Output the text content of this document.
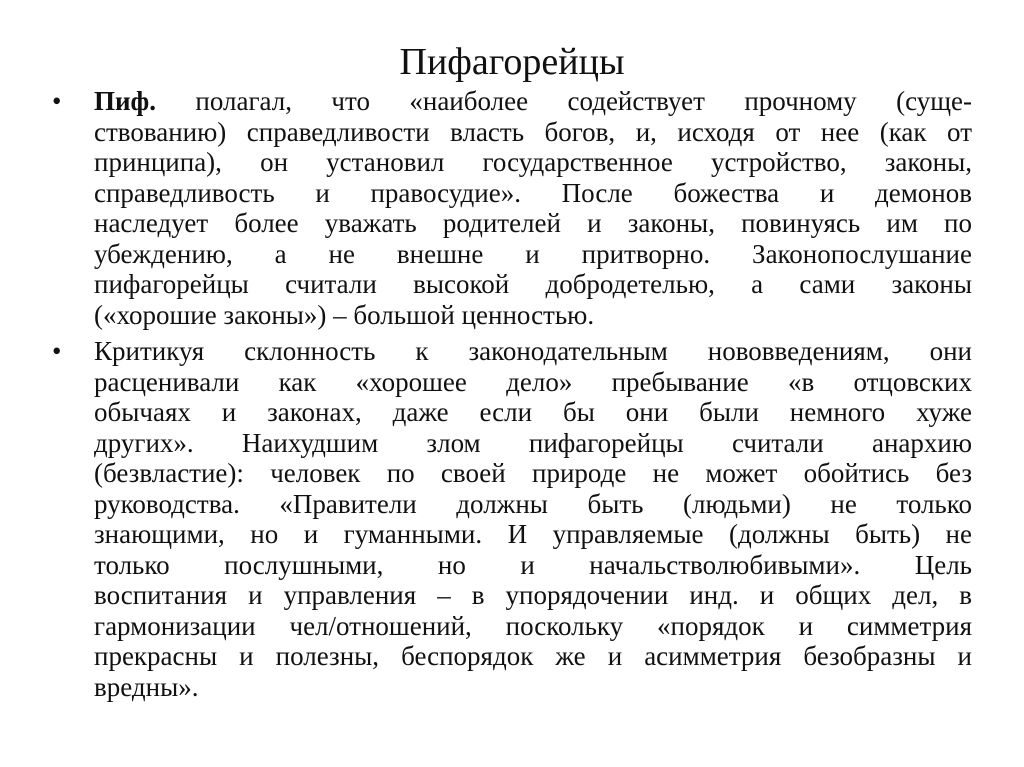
Пифагорейцы
• Пиф. полагал, что «наиболее содействует прочному (суще-
ствованию) справедливости власть богов, и, исходя от нее (как от
принципа), он установил государственное устройство, законы,
справедливость и правосудие». После божества и демонов
наследует более уважать родителей и законы, повинуясь им по
убеждению, а не внешне и притворно. Законопослушание
пифагорейцы считали высокой добродетелью, а сами законы
(«хорошие законы») – большой ценностью.
• Критикуя склонность к законодательным нововведениям, они
расценивали как «хорошее дело» пребывание «в отцовских
обычаях и законах, даже если бы они были немного хуже
других». Наихудшим злом пифагорейцы считали анархию
(безвластие): человек по своей природе не может обойтись без
руководства. «Правители должны быть (людьми) не только
знающими, но и гуманными. И управляемые (должны быть) не
только послушными, но и начальстволюбивыми». Цель
воспитания и управления – в упорядочении инд. и общих дел, в
гармонизации чел/отношений, поскольку «порядок и симметрия
прекрасны и полезны, беспорядок же и асимметрия безобразны и
вредны».
